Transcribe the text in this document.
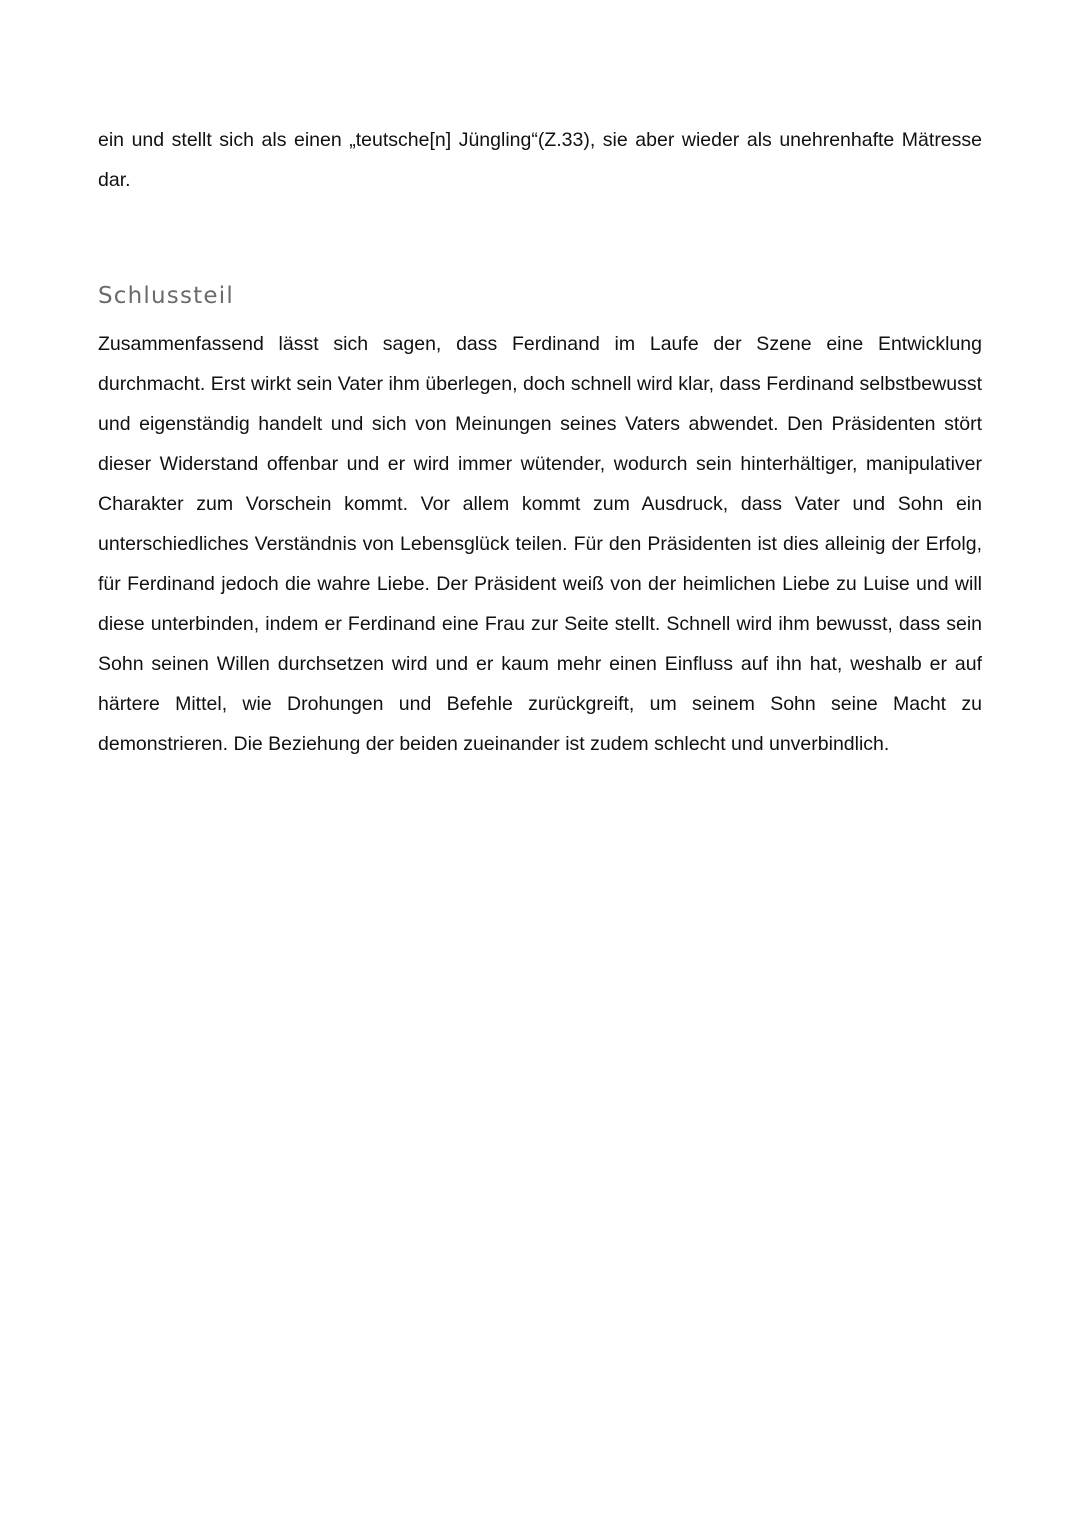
ein und stellt sich als einen „teutsche[n] Jüngling“(Z.33), sie aber wieder als unehrenhafte Mätresse dar.

Schlussteil

Zusammenfassend lässt sich sagen, dass Ferdinand im Laufe der Szene eine Entwicklung durchmacht. Erst wirkt sein Vater ihm überlegen, doch schnell wird klar, dass Ferdinand selbstbewusst und eigenständig handelt und sich von Meinungen seines Vaters abwendet. Den Präsidenten stört dieser Widerstand offenbar und er wird immer wütender, wodurch sein hinterhältiger, manipulativer Charakter zum Vorschein kommt. Vor allem kommt zum Ausdruck, dass Vater und Sohn ein unterschiedliches Verständnis von Lebensglück teilen. Für den Präsidenten ist dies alleinig der Erfolg, für Ferdinand jedoch die wahre Liebe. Der Präsident weiß von der heimlichen Liebe zu Luise und will diese unterbinden, indem er Ferdinand eine Frau zur Seite stellt. Schnell wird ihm bewusst, dass sein Sohn seinen Willen durchsetzen wird und er kaum mehr einen Einfluss auf ihn hat, weshalb er auf härtere Mittel, wie Drohungen und Befehle zurückgreift, um seinem Sohn seine Macht zu demonstrieren. Die Beziehung der beiden zueinander ist zudem schlecht und unverbindlich.
